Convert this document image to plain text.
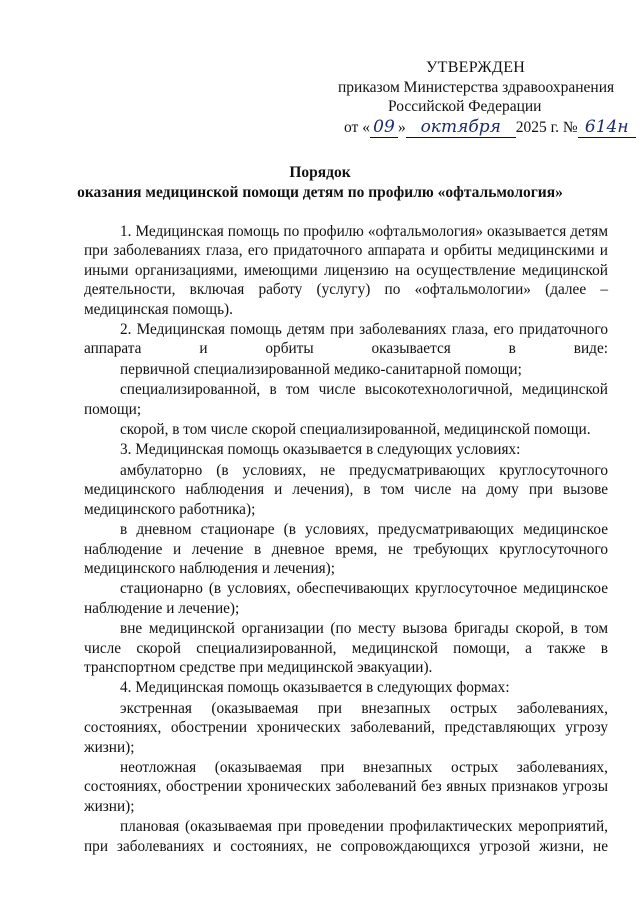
УТВЕРЖДЕН
приказом Министерства здравоохранения
Российской Федерации
от « 09 » октября 2025 г. № 614н
Порядок
оказания медицинской помощи детям по профилю «офтальмология»

1. Медицинская помощь по профилю «офтальмология» оказывается детям при заболеваниях глаза, его придаточного аппарата и орбиты медицинскими и иными организациями, имеющими лицензию на осуществление медицинской деятельности, включая работу (услугу) по «офтальмологии» (далее – медицинская помощь).

2. Медицинская помощь детям при заболеваниях глаза, его придаточного аппарата и орбиты оказывается в виде:

первичной специализированной медико-санитарной помощи;

специализированной, в том числе высокотехнологичной, медицинской помощи;

скорой, в том числе скорой специализированной, медицинской помощи.

3. Медицинская помощь оказывается в следующих условиях:

амбулаторно (в условиях, не предусматривающих круглосуточного медицинского наблюдения и лечения), в том числе на дому при вызове медицинского работника);

в дневном стационаре (в условиях, предусматривающих медицинское наблюдение и лечение в дневное время, не требующих круглосуточного медицинского наблюдения и лечения);

стационарно (в условиях, обеспечивающих круглосуточное медицинское наблюдение и лечение);

вне медицинской организации (по месту вызова бригады скорой, в том числе скорой специализированной, медицинской помощи, а также в транспортном средстве при медицинской эвакуации).

4. Медицинская помощь оказывается в следующих формах:

экстренная (оказываемая при внезапных острых заболеваниях, состояниях, обострении хронических заболеваний, представляющих угрозу жизни);

неотложная (оказываемая при внезапных острых заболеваниях, состояниях, обострении хронических заболеваний без явных признаков угрозы жизни);

плановая (оказываемая при проведении профилактических мероприятий, при заболеваниях и состояниях, не сопровождающихся угрозой жизни, не
